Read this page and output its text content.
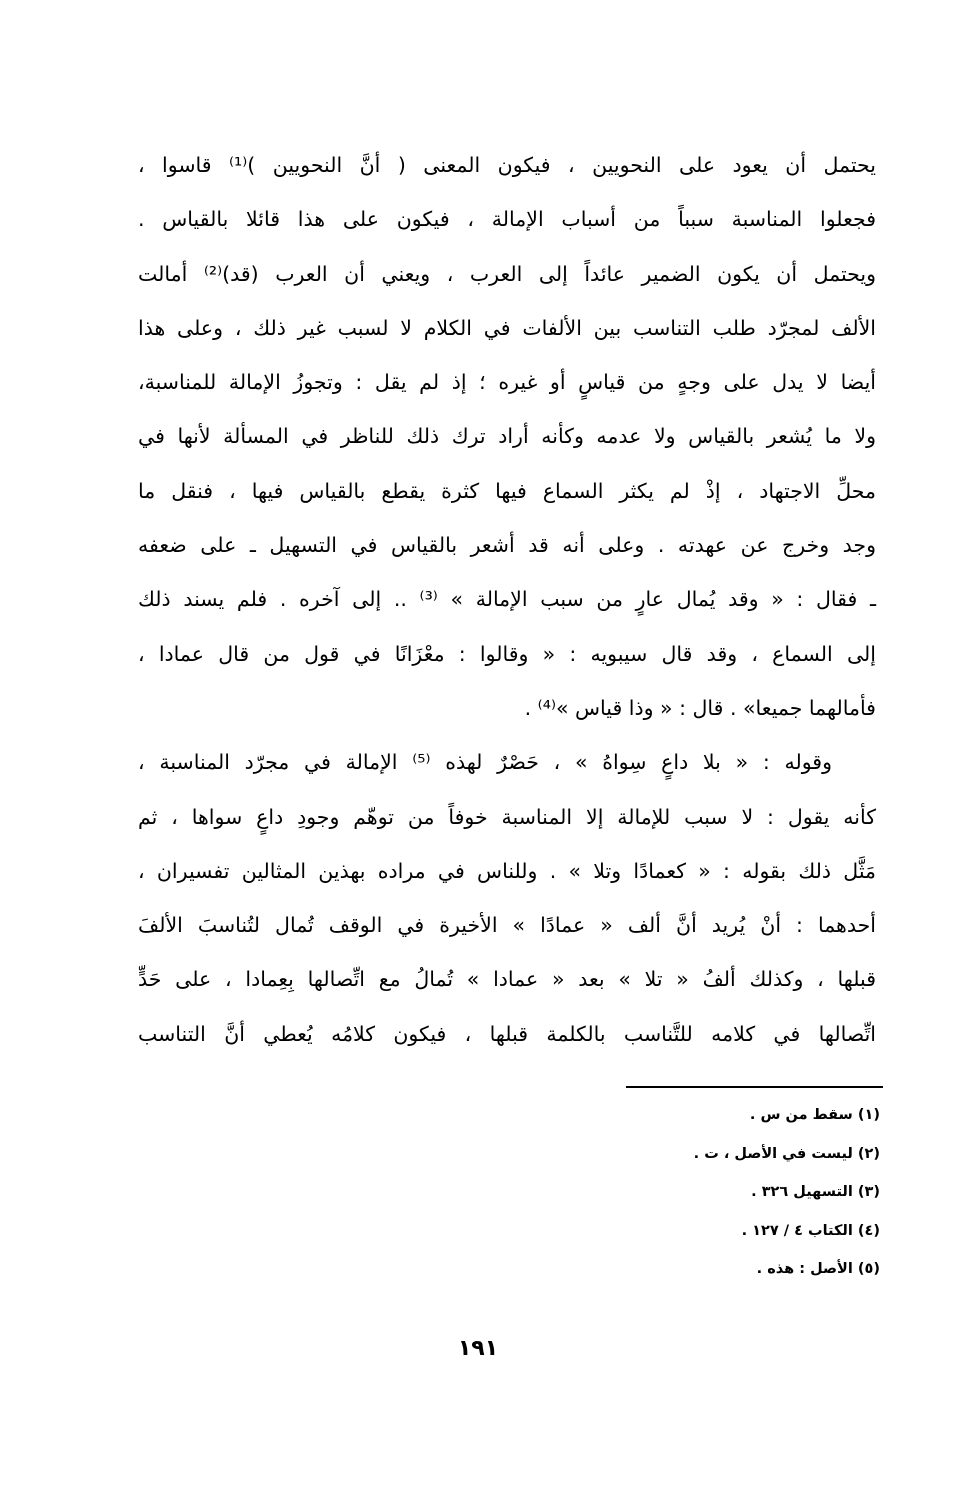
يحتمل أن يعود على النحويين ، فيكون المعنى ( أنَّ النحويين )⁽¹⁾ قاسوا ،
فجعلوا المناسبة سبباً من أسباب الإمالة ، فيكون على هذا قائلا بالقياس .
ويحتمل أن يكون الضمير عائداً إلى العرب ، ويعني أن العرب (قد)⁽²⁾ أمالت
الألف لمجرّد طلب التناسب بين الألفات في الكلام لا لسبب غير ذلك ، وعلى هذا
أيضا لا يدل على وجهٍ من قياسٍ أو غيره ؛ إذ لم يقل : وتجوزُ الإمالة للمناسبة،
ولا ما يُشعر بالقياس ولا عدمه وكأنه أراد ترك ذلك للناظر في المسألة لأنها في
محلِّ الاجتهاد ، إذْ لم يكثر السماع فيها كثرة يقطع بالقياس فيها ، فنقل ما
وجد وخرج عن عهدته . وعلى أنه قد أشعر بالقياس في التسهيل ـ على ضعفه
ـ فقال : « وقد يُمال عارٍ من سبب الإمالة » ⁽³⁾ .. إلى آخره . فلم يسند ذلك
إلى السماع ، وقد قال سيبويه : « وقالوا : معْزَانًا في قول من قال عمادا ،
فأمالهما جميعا» . قال : « وذا قياس »⁽⁴⁾ .
وقوله : « بلا داعٍ سِواهُ » ، حَصْرٌ لهذه ⁽⁵⁾ الإمالة في مجرّد المناسبة ،
كأنه يقول : لا سبب للإمالة إلا المناسبة خوفاً من توهّم وجودِ داعٍ سواها ، ثم
مَثَّل ذلك بقوله : « كعمادًا وتلا » . وللناس في مراده بهذين المثالين تفسيران ،
أحدهما : أنْ يُريد أنَّ ألف « عمادًا » الأخيرة في الوقف تُمال لتُناسبَ الألفَ
قبلها ، وكذلك ألفُ « تلا » بعد « عمادا » تُمالُ مع اتِّصالها بِعِمادا ، على حَدٍّ
اتِّصالها في كلامه للتَّناسب بالكلمة قبلها ، فيكون كلامُه يُعطي أنَّ التناسب
(١) سقط من س .
(٢) ليست في الأصل ، ت .
(٣) التسهيل ٣٢٦ .
(٤) الكتاب ٤ / ١٢٧ .
(٥) الأصل : هذه .
١٩١
